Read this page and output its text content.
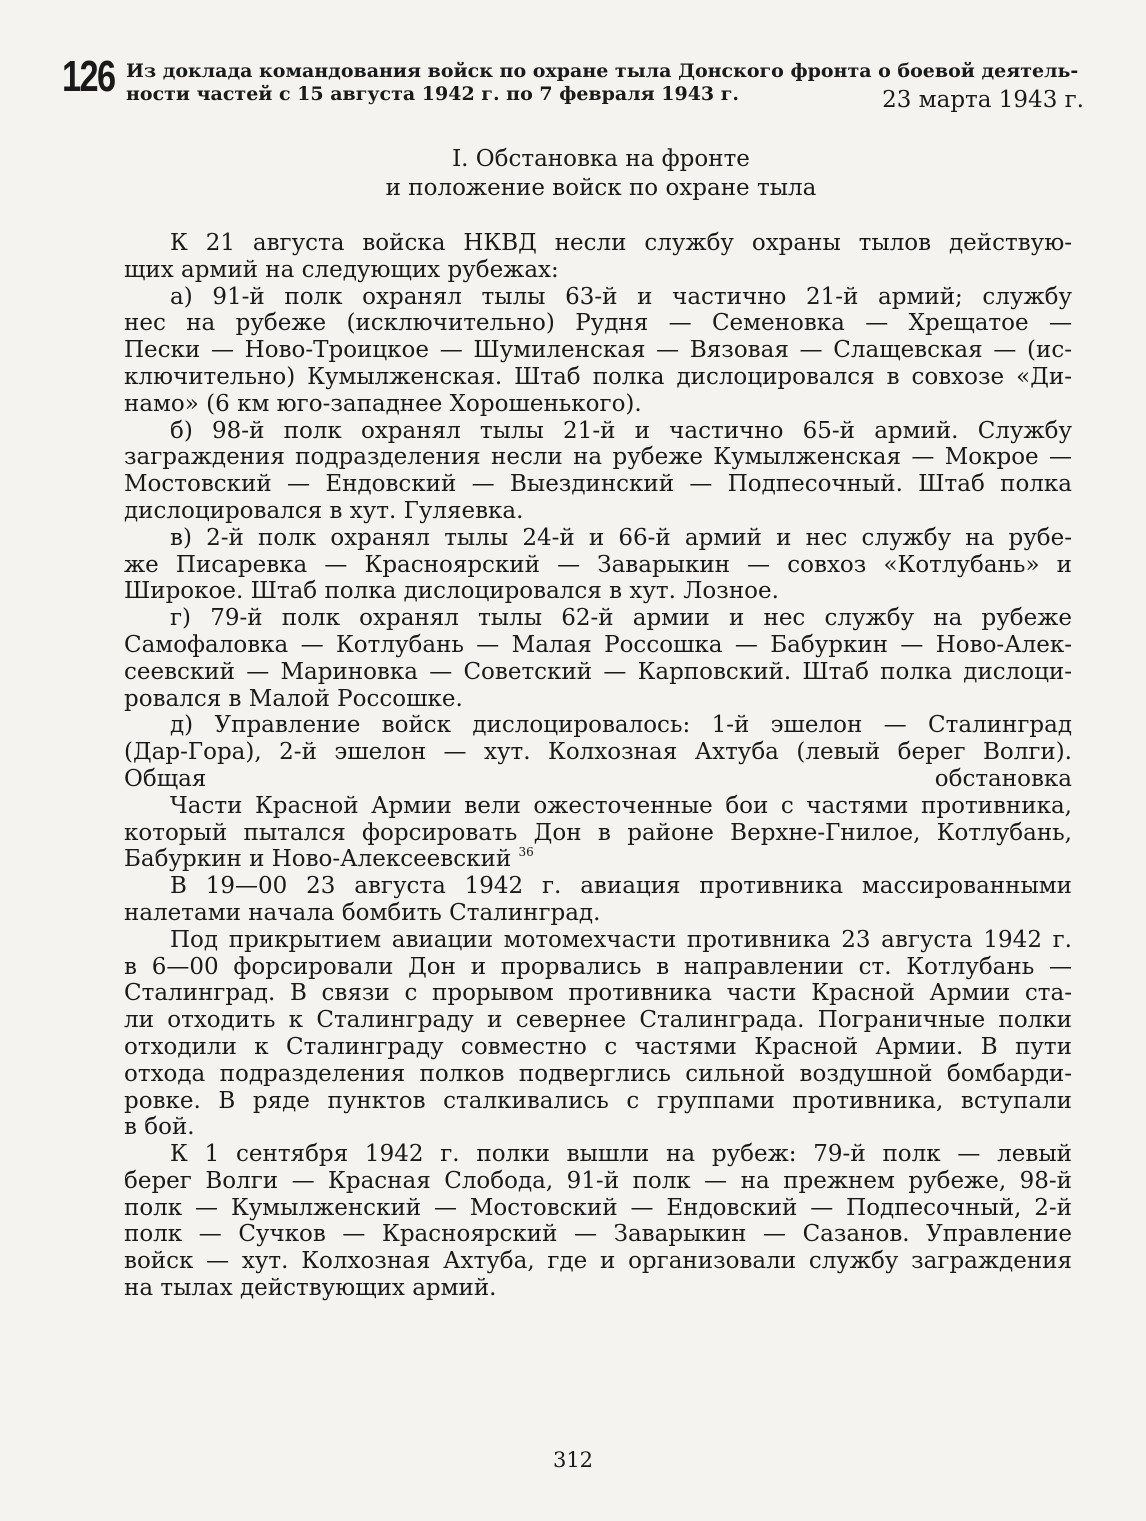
126 Из доклада командования войск по охране тыла Донского фронта о боевой деятель-
ности частей с 15 августа 1942 г. по 7 февраля 1943 г.	23 марта 1943 г.
I. Обстановка на фронте
и положение войск по охране тыла
К 21 августа войска НКВД несли службу охраны тылов действую-
щих армий на следующих рубежах:
а) 91-й полк охранял тылы 63-й и частично 21-й армий; службу
нес на рубеже (исключительно) Рудня — Семеновка — Хрещатое —
Пески — Ново-Троицкое — Шумиленская — Вязовая — Слащевская — (ис-
ключительно) Кумылженская. Штаб полка дислоцировался в совхозе «Ди-
намо» (6 км юго-западнее Хорошенького).
б) 98-й полк охранял тылы 21-й и частично 65-й армий. Службу
заграждения подразделения несли на рубеже Кумылженская — Мокрое —
Мостовский — Ендовский — Выездинский — Подпесочный. Штаб полка
дислоцировался в хут. Гуляевка.
в) 2-й полк охранял тылы 24-й и 66-й армий и нес службу на рубе-
же Писаревка — Красноярский — Заварыкин — совхоз «Котлубань» и
Широкое. Штаб полка дислоцировался в хут. Лозное.
г) 79-й полк охранял тылы 62-й армии и нес службу на рубеже
Самофаловка — Котлубань — Малая Россошка — Бабуркин — Ново-Алек-
сеевский — Мариновка — Советский — Карповский. Штаб полка дислоци-
ровался в Малой Россошке.
д) Управление войск дислоцировалось: 1-й эшелон — Сталинград
(Дар-Гора), 2-й эшелон — хут. Колхозная Ахтуба (левый берег Волги).
Общая обстановка
Части Красной Армии вели ожесточенные бои с частями противника,
который пытался форсировать Дон в районе Верхне-Гнилое, Котлубань,
Бабуркин и Ново-Алексеевский $^{36}$
В 19—00 23 августа 1942 г. авиация противника массированными
налетами начала бомбить Сталинград.
Под прикрытием авиации мотомехчасти противника 23 августа 1942 г.
в 6—00 форсировали Дон и прорвались в направлении ст. Котлубань —
Сталинград. В связи с прорывом противника части Красной Армии ста-
ли отходить к Сталинграду и севернее Сталинграда. Пограничные полки
отходили к Сталинграду совместно с частями Красной Армии. В пути
отхода подразделения полков подверглись сильной воздушной бомбарди-
ровке. В ряде пунктов сталкивались с группами противника, вступали
в бой.
К 1 сентября 1942 г. полки вышли на рубеж: 79-й полк — левый
берег Волги — Красная Слобода, 91-й полк — на прежнем рубеже, 98-й
полк — Кумылженский — Мостовский — Ендовский — Подпесочный, 2-й
полк — Сучков — Красноярский — Заварыкин — Сазанов. Управление
войск — хут. Колхозная Ахтуба, где и организовали службу заграждения
на тылах действующих армий.
312
